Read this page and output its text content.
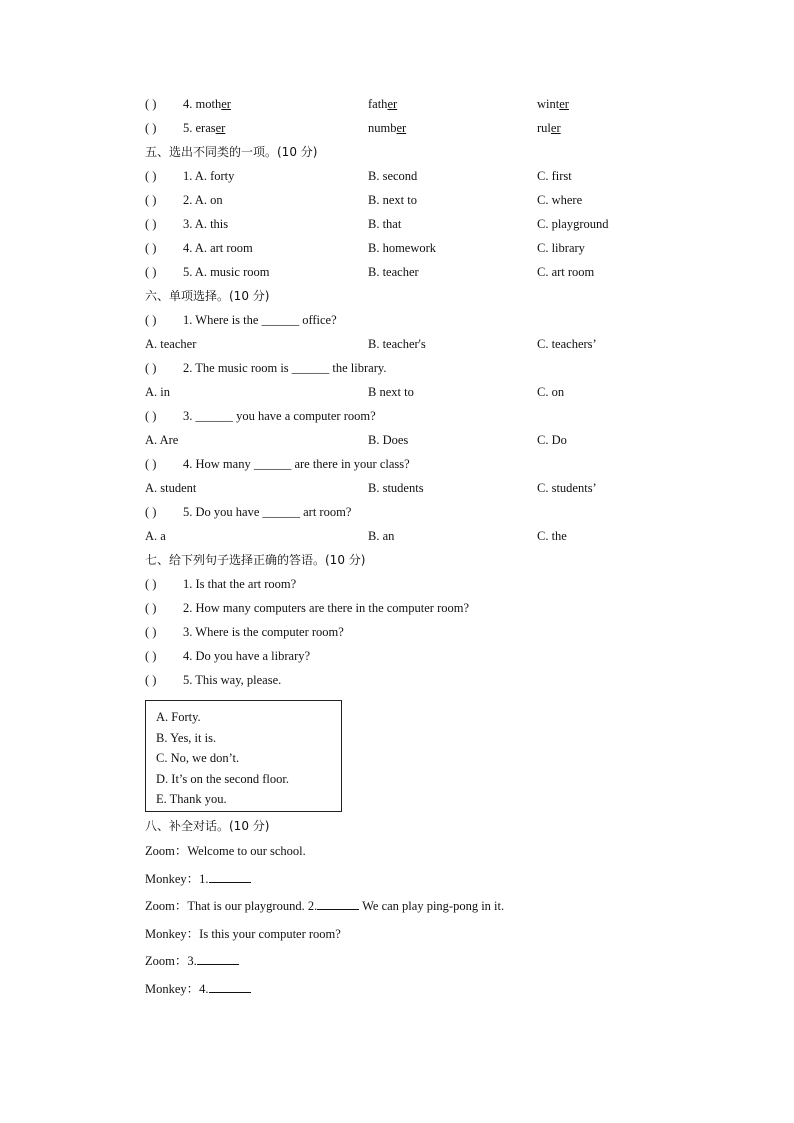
( ) 4. mother	father	winter
( ) 5. eraser	number	ruler
五、选出不同类的一项。(10 分)
( ) 1. A. forty	B. second	C. first
( ) 2. A. on	B. next to	C. where
( ) 3. A. this	B. that	C. playground
( ) 4. A. art room	B. homework	C. library
( ) 5. A. music room	B. teacher	C. art room
六、单项选择。(10 分)
( ) 1. Where is the ______ office?
A. teacher	B. teacher's	C. teachers’
( ) 2. The music room is ______ the library.
A. in	B next to	C. on
( ) 3. ______ you have a computer room?
A. Are	B. Does	C. Do
( ) 4. How many ______ are there in your class?
A. student	B. students	C. students’
( ) 5. Do you have ______ art room?
A. a	B. an	C. the
七、给下列句子选择正确的答语。(10 分)
( ) 1. Is that the art room?
( ) 2. How many computers are there in the computer room?
( ) 3. Where is the computer room?
( ) 4. Do you have a library?
( ) 5. This way, please.
A. Forty.
B. Yes, it is.
C. No, we don’t.
D. It’s on the second floor.
E. Thank you.
八、补全对话。(10 分)
Zoom：Welcome to our school.
Monkey：1.
Zoom：That is our playground. 2.	We can play ping-pong in it.
Monkey：Is this your computer room?
Zoom：3.
Monkey：4.
